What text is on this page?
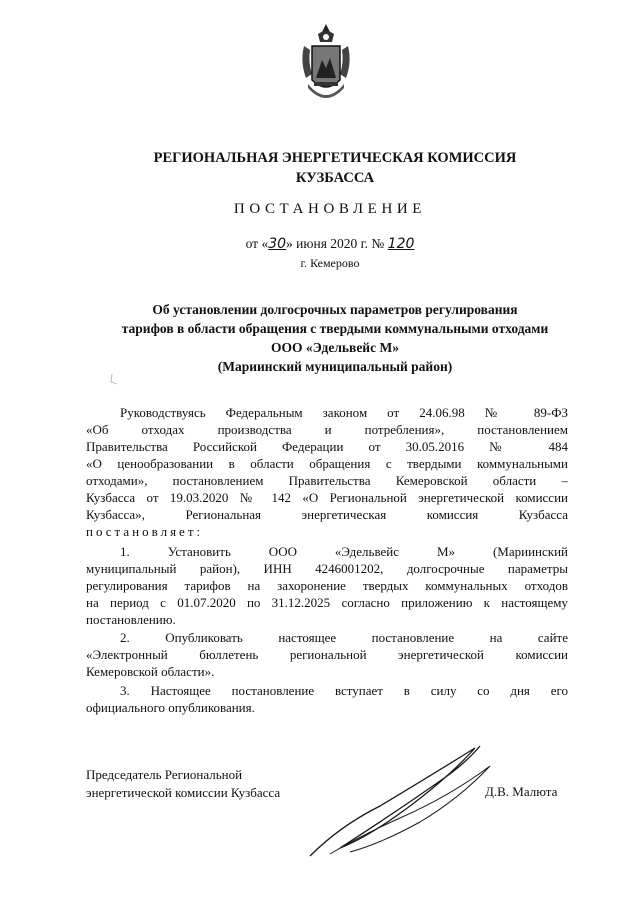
РЕГИОНАЛЬНАЯ ЭНЕРГЕТИЧЕСКАЯ КОМИССИЯ
КУЗБАССА
ПОСТАНОВЛЕНИЕ
от «30» июня 2020 г. № 120
г. Кемерово
Об установлении долгосрочных параметров регулирования
тарифов в области обращения с твердыми коммунальными отходами
ООО «Эдельвейс М»
(Мариинский муниципальный район)
Руководствуясь Федеральным законом от 24.06.98 № 89-ФЗ
«Об отходах производства и потребления», постановлением
Правительства Российской Федерации от 30.05.2016 № 484
«О ценообразовании в области обращения с твердыми коммунальными
отходами», постановлением Правительства Кемеровской области –
Кузбасса от 19.03.2020 № 142 «О Региональной энергетической комиссии
Кузбасса», Региональная энергетическая комиссия Кузбасса
постановляет:
1. Установить ООО «Эдельвейс М» (Мариинский
муниципальный район), ИНН 4246001202, долгосрочные параметры
регулирования тарифов на захоронение твердых коммунальных отходов
на период с 01.07.2020 по 31.12.2025 согласно приложению к настоящему
постановлению.
2. Опубликовать настоящее постановление на сайте
«Электронный бюллетень региональной энергетической комиссии
Кемеровской области».
3. Настоящее постановление вступает в силу со дня его
официального опубликования.
Председатель Региональной
энергетической комиссии Кузбасса	Д.В. Малюта
